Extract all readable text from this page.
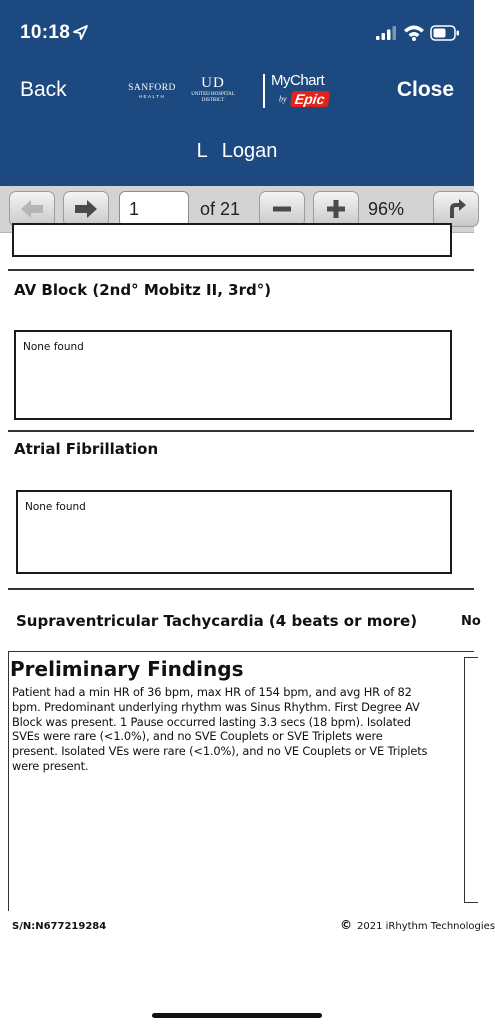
10:18
Back	SANFORD
HEALTH
UD
UNITED HOSPITAL
DISTRICT
MyChart
by Epic	Close
L Logan
1
of 21	96%
AV Block (2nd° Mobitz II, 3rd°)
None found
Atrial Fibrillation
None found
Supraventricular Tachycardia (4 beats or more)	No
Preliminary Findings
Patient had a min HR of 36 bpm, max HR of 154 bpm, and avg HR of 82
bpm. Predominant underlying rhythm was Sinus Rhythm. First Degree AV
Block was present. 1 Pause occurred lasting 3.3 secs (18 bpm). Isolated
SVEs were rare (<1.0%), and no SVE Couplets or SVE Triplets were
present. Isolated VEs were rare (<1.0%), and no VE Couplets or VE Triplets
were present.
S/N:N677219284	© 2021 iRhythm Technologies
